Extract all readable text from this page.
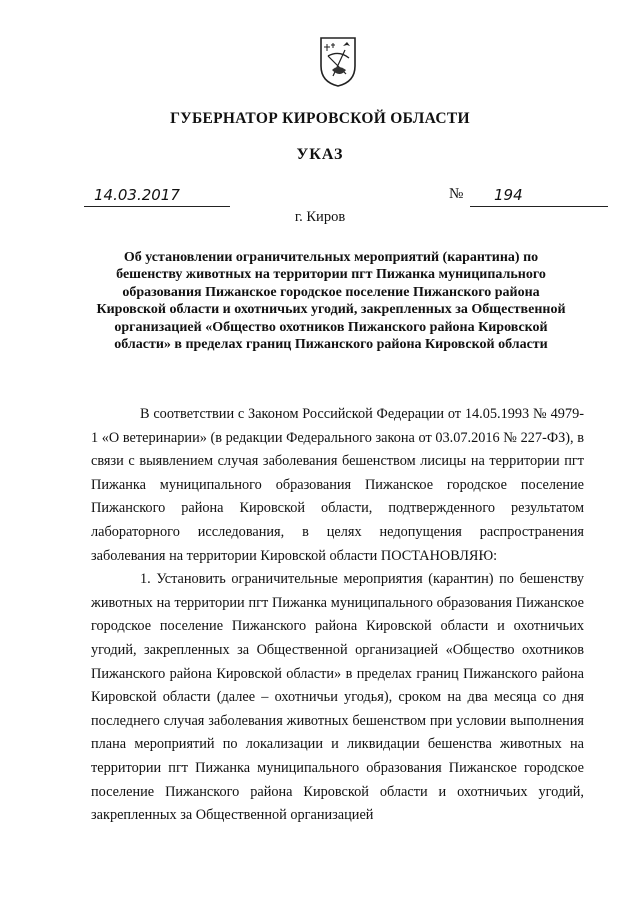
ГУБЕРНАТОР КИРОВСКОЙ ОБЛАСТИ
УКАЗ
14.03.2017	№	194
г. Киров
Об установлении ограничительных мероприятий (карантина) по бешенству животных на территории пгт Пижанка муниципального образования Пижанское городское поселение Пижанского района Кировской области и охотничьих угодий, закрепленных за Общественной организацией «Общество охотников Пижанского района Кировской области» в пределах границ Пижанского района Кировской области

В соответствии с Законом Российской Федерации от 14.05.1993 № 4979-1 «О ветеринарии» (в редакции Федерального закона от 03.07.2016 № 227-ФЗ), в связи с выявлением случая заболевания бешенством лисицы на территории пгт Пижанка муниципального образования Пижанское городское поселение Пижанского района Кировской области, подтвержденного результатом лабораторного исследования, в целях недопущения распространения заболевания на территории Кировской области ПОСТАНОВЛЯЮ:

1. Установить ограничительные мероприятия (карантин) по бешенству животных на территории пгт Пижанка муниципального образования Пижанское городское поселение Пижанского района Кировской области и охотничьих угодий, закрепленных за Общественной организацией «Общество охотников Пижанского района Кировской области» в пределах границ Пижанского района Кировской области (далее – охотничьи угодья), сроком на два месяца со дня последнего случая заболевания животных бешенством при условии выполнения плана мероприятий по локализации и ликвидации бешенства животных на территории пгт Пижанка муниципального образования Пижанское городское поселение Пижанского района Кировской области и охотничьих угодий, закрепленных за Общественной организацией
